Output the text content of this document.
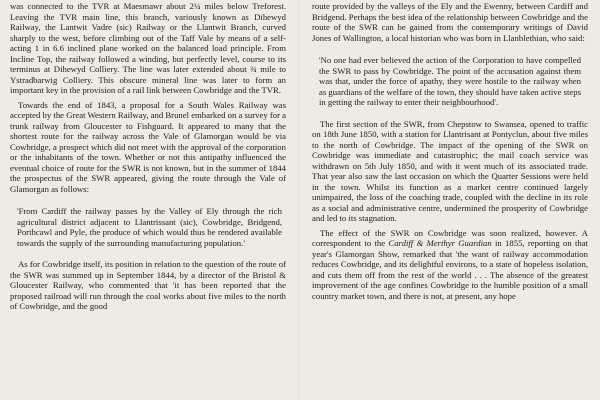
was connected to the TVR at Maesmawr about 2¼ miles below Treforest. Leaving the TVR main line, this branch, variously known as Dihewyd Railway, the Lantwit Vadre (sic) Railway or the Llantwit Branch, curved sharply to the west, before climbing out of the Taff Vale by means of a self-acting 1 in 6.6 inclined plane worked on the balanced load principle. From Incline Top, the railway followed a winding, but perfectly level, course to its terminus at Dihewyd Colliery. The line was later extended about ¾ mile to Ystradbarwig Colliery. This obscure mineral line was later to form an important key in the provision of a rail link between Cowbridge and the TVR.

Towards the end of 1843, a proposal for a South Wales Railway was accepted by the Great Western Railway, and Brunel embarked on a survey for a trunk railway from Gloucester to Fishguard. It appeared to many that the shortest route for the railway across the Vale of Glamorgan would be via Cowbridge, a prospect which did not meet with the approval of the corporation or the inhabitants of the town. Whether or not this antipathy influenced the eventual choice of route for the SWR is not known, but in the summer of 1844 the prospectus of the SWR appeared, giving the route through the Vale of Glamorgan as follows:

'From Cardiff the railway passes by the Valley of Ely through the rich agricultural district adjacent to Llantrissant (sic), Cowbridge, Bridgend, Porthcawl and Pyle, the produce of which would thus be rendered available towards the supply of the surrounding manufacturing population.'

As for Cowbridge itself, its position in relation to the question of the route of the SWR was summed up in September 1844, by a director of the Bristol & Gloucester Railway, who commented that 'it has been reported that the proposed railroad will run through the coal works about five miles to the north of Cowbridge, and the good

route provided by the valleys of the Ely and the Ewenny, between Cardiff and Bridgend. Perhaps the best idea of the relationship between Cowbridge and the route of the SWR can be gained from the contemporary writings of David Jones of Wallington, a local historian who was born in Llanblethian, who said:

'No one had ever believed the action of the Corporation to have compelled the SWR to pass by Cowbridge. The point of the accusation against them was that, under the force of apathy, they were hostile to the railway when as guardians of the welfare of the town, they should have taken active steps in getting the railway to enter their neighbourhood'.

The first section of the SWR, from Chepstow to Swansea, opened to traffic on 18th June 1850, with a station for Llantrisant at Pontyclun, about five miles to the north of Cowbridge. The impact of the opening of the SWR on Cowbridge was immediate and catastrophic; the mail coach service was withdrawn on 5th July 1850, and with it went much of its associated trade. That year also saw the last occasion on which the Quarter Sessions were held in the town. Whilst its function as a market centre continued largely unimpaired, the loss of the coaching trade, coupled with the decline in its role as a social and administrative centre, undermined the prosperity of Cowbridge and led to its stagnation.

The effect of the SWR on Cowbridge was soon realized, however. A correspondent to the Cardiff & Merthyr Guardian in 1855, reporting on that year's Glamorgan Show, remarked that 'the want of railway accommodation reduces Cowbridge, and its delightful environs, to a state of hopeless isolation, and cuts them off from the rest of the world . . . The absence of the greatest improvement of the age confines Cowbridge to the humble position of a small country market town, and there is not, at present, any hope
